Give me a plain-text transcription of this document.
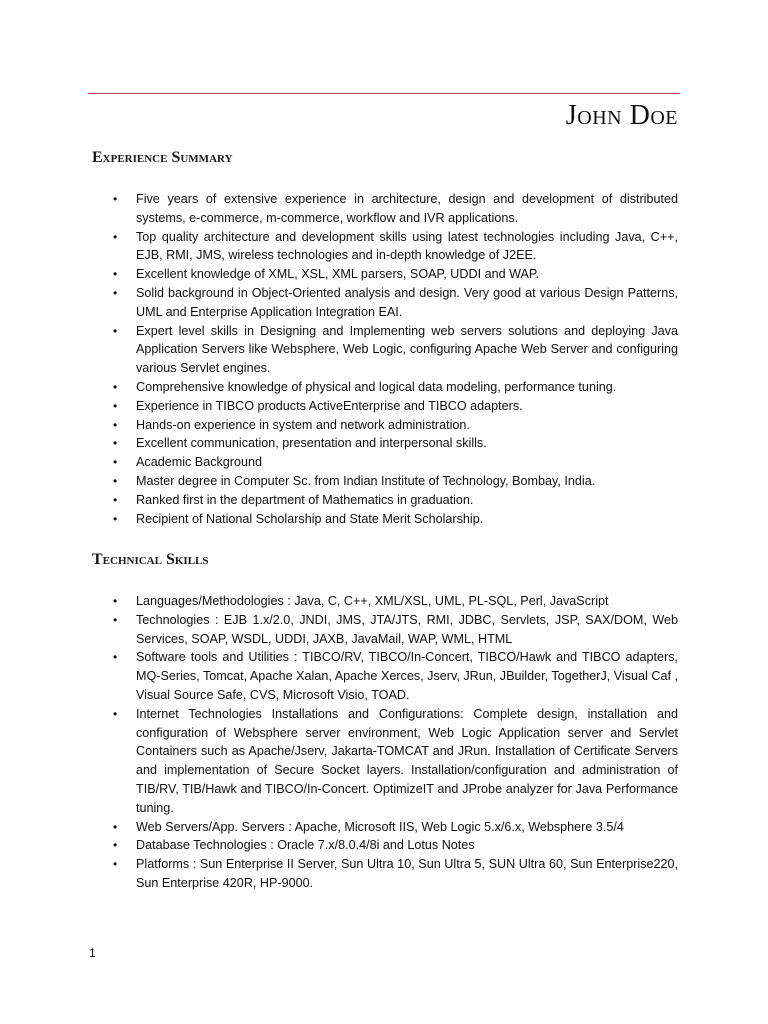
John Doe
Experience Summary
• Five years of extensive experience in architecture, design and development of distributed systems, e-commerce, m-commerce, workflow and IVR applications.
• Top quality architecture and development skills using latest technologies including Java, C++, EJB, RMI, JMS, wireless technologies and in-depth knowledge of J2EE.
• Excellent knowledge of XML, XSL, XML parsers, SOAP, UDDI and WAP.
• Solid background in Object-Oriented analysis and design. Very good at various Design Patterns, UML and Enterprise Application Integration EAI.
• Expert level skills in Designing and Implementing web servers solutions and deploying Java Application Servers like Websphere, Web Logic, configuring Apache Web Server and configuring various Servlet engines.
• Comprehensive knowledge of physical and logical data modeling, performance tuning.
• Experience in TIBCO products ActiveEnterprise and TIBCO adapters.
• Hands-on experience in system and network administration.
• Excellent communication, presentation and interpersonal skills.
• Academic Background
• Master degree in Computer Sc. from Indian Institute of Technology, Bombay, India.
• Ranked first in the department of Mathematics in graduation.
• Recipient of National Scholarship and State Merit Scholarship.
Technical Skills
• Languages/Methodologies : Java, C, C++, XML/XSL, UML, PL-SQL, Perl, JavaScript
• Technologies : EJB 1.x/2.0, JNDI, JMS, JTA/JTS, RMI, JDBC, Servlets, JSP, SAX/DOM, Web Services, SOAP, WSDL, UDDI, JAXB, JavaMail, WAP, WML, HTML
• Software tools and Utilities : TIBCO/RV, TIBCO/In-Concert, TIBCO/Hawk and TIBCO adapters, MQ-Series, Tomcat, Apache Xalan, Apache Xerces, Jserv, JRun, JBuilder, TogetherJ, Visual Caf , Visual Source Safe, CVS, Microsoft Visio, TOAD.
• Internet Technologies Installations and Configurations: Complete design, installation and configuration of Websphere server environment, Web Logic Application server and Servlet Containers such as Apache/Jserv, Jakarta-TOMCAT and JRun. Installation of Certificate Servers and implementation of Secure Socket layers. Installation/configuration and administration of TIB/RV, TIB/Hawk and TIBCO/In-Concert. OptimizeIT and JProbe analyzer for Java Performance tuning.
• Web Servers/App. Servers : Apache, Microsoft IIS, Web Logic 5.x/6.x, Websphere 3.5/4
• Database Technologies : Oracle 7.x/8.0.4/8i and Lotus Notes
• Platforms : Sun Enterprise II Server, Sun Ultra 10, Sun Ultra 5, SUN Ultra 60, Sun Enterprise220, Sun Enterprise 420R, HP-9000.
1
